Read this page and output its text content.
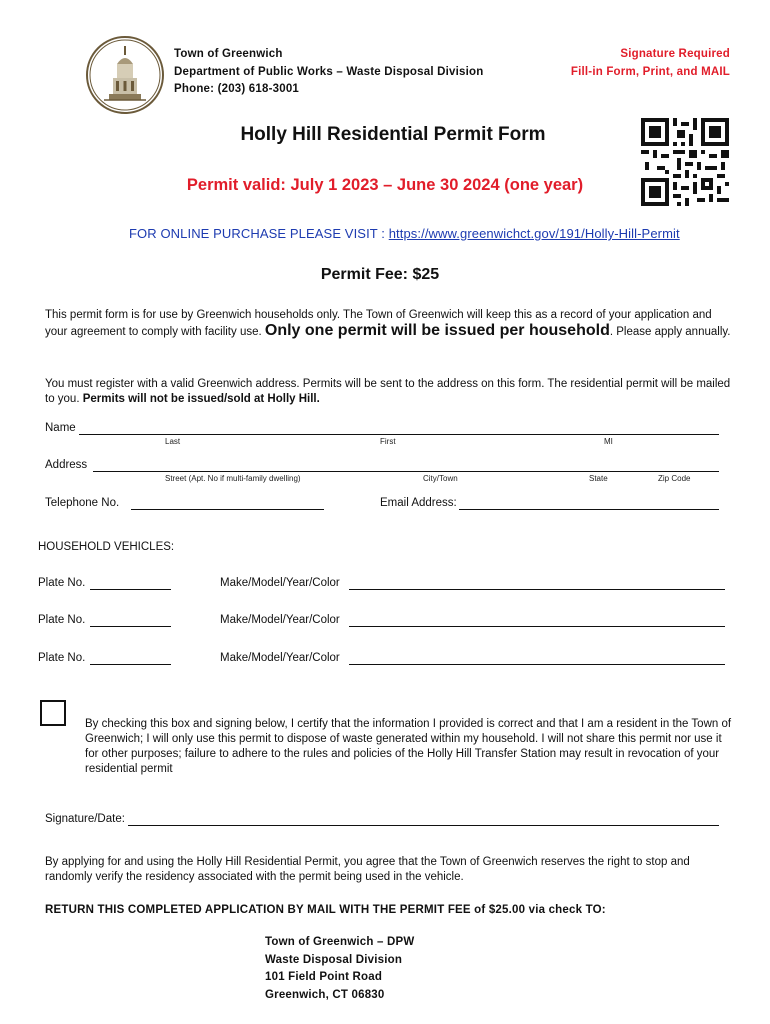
Town of Greenwich
Department of Public Works – Waste Disposal Division
Phone: (203) 618-3001
Signature Required
Fill-in Form, Print, and MAIL
Holly Hill Residential Permit Form
Permit valid: July 1 2023 – June 30 2024 (one year)
FOR ONLINE PURCHASE PLEASE VISIT : https://www.greenwichct.gov/191/Holly-Hill-Permit
Permit Fee: $25
This permit form is for use by Greenwich households only. The Town of Greenwich will keep this as a record of your application and your agreement to comply with facility use. Only one permit will be issued per household. Please apply annually.
You must register with a valid Greenwich address. Permits will be sent to the address on this form. The residential permit will be mailed to you. Permits will not be issued/sold at Holly Hill.
Name
Last	First	MI
Address
Street (Apt. No if multi-family dwelling)	City/Town	State	Zip Code
Telephone No.	Email Address:
HOUSEHOLD VEHICLES:
Plate No.	Make/Model/Year/Color
Plate No.	Make/Model/Year/Color
Plate No.	Make/Model/Year/Color
By checking this box and signing below, I certify that the information I provided is correct and that I am a resident in the Town of Greenwich; I will only use this permit to dispose of waste generated within my household. I will not share this permit nor use it for other purposes; failure to adhere to the rules and policies of the Holly Hill Transfer Station may result in revocation of your residential permit
Signature/Date:
By applying for and using the Holly Hill Residential Permit, you agree that the Town of Greenwich reserves the right to stop and randomly verify the residency associated with the permit being used in the vehicle.
RETURN THIS COMPLETED APPLICATION BY MAIL WITH THE PERMIT FEE of $25.00 via check TO:
Town of Greenwich – DPW
Waste Disposal Division
101 Field Point Road
Greenwich, CT 06830
